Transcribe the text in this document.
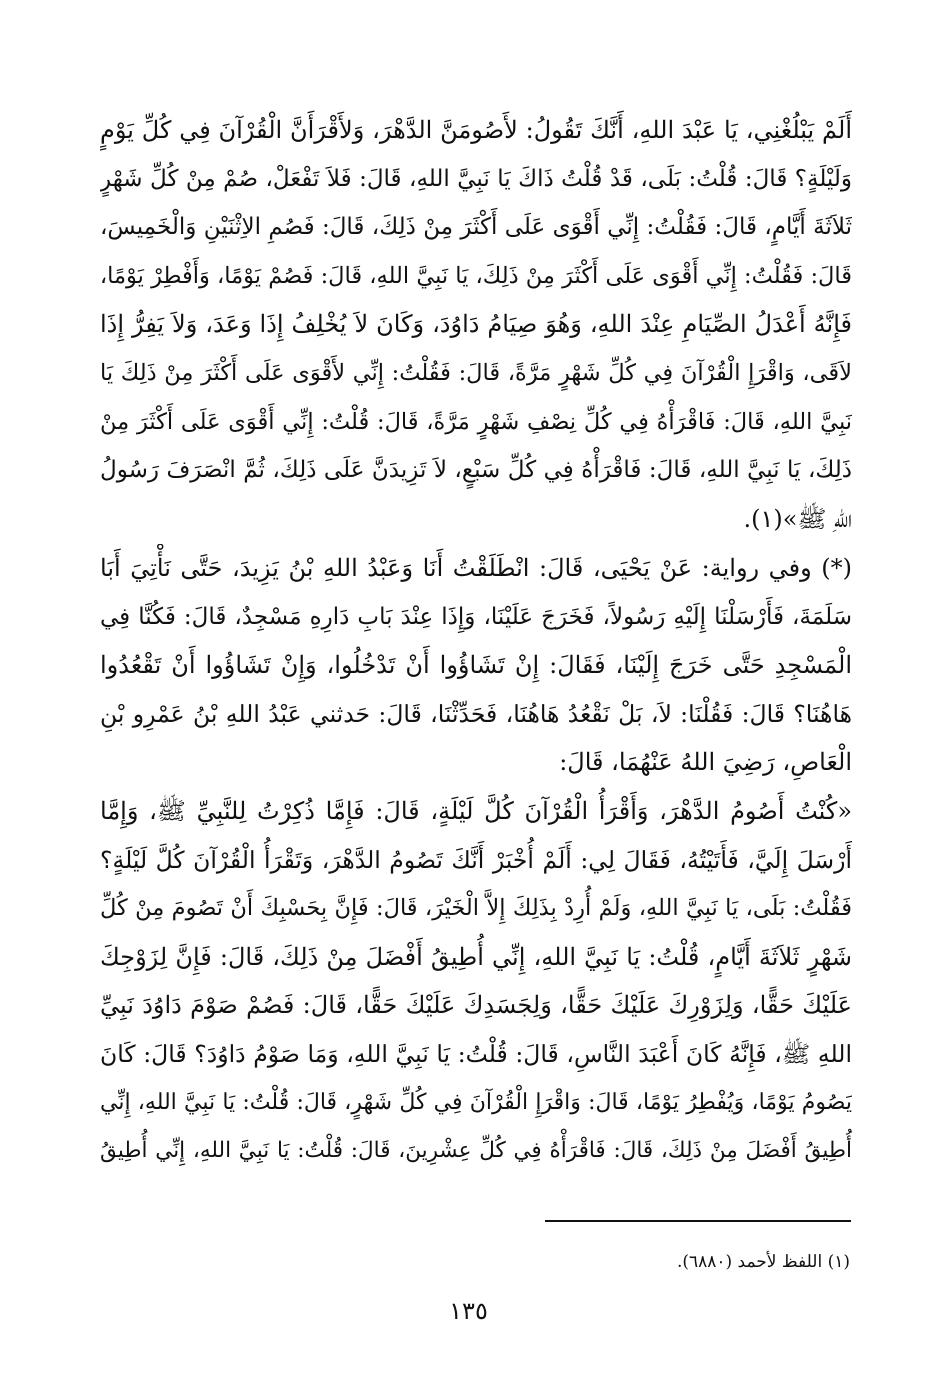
أَلَمْ يَبْلُغْنِي، يَا عَبْدَ اللهِ، أَنَّكَ تَقُولُ: لأَصُومَنَّ الدَّهْرَ، وَلأَقْرَأَنَّ الْقُرْآنَ فِي كُلِّ يَوْمٍ
وَلَيْلَةٍ؟ قَالَ: قُلْتُ: بَلَى، قَدْ قُلْتُ ذَاكَ يَا نَبِيَّ اللهِ، قَالَ: فَلاَ تَفْعَلْ، صُمْ مِنْ كُلِّ شَهْرٍ
ثَلاَثَةَ أَيَّامٍ، قَالَ: فَقُلْتُ: إِنِّي أَقْوَى عَلَى أَكْثَرَ مِنْ ذَلِكَ، قَالَ: فَصُمِ الاِثْنَيْنِ وَالْخَمِيسَ،
قَالَ: فَقُلْتُ: إِنِّي أَقْوَى عَلَى أَكْثَرَ مِنْ ذَلِكَ، يَا نَبِيَّ اللهِ، قَالَ: فَصُمْ يَوْمًا، وَأَفْطِرْ يَوْمًا،
فَإِنَّهُ أَعْدَلُ الصِّيَامِ عِنْدَ اللهِ، وَهُوَ صِيَامُ دَاوُدَ، وَكَانَ لاَ يُخْلِفُ إِذَا وَعَدَ، وَلاَ يَفِرُّ إِذَا
لاَقَى، وَاقْرَإِ الْقُرْآنَ فِي كُلِّ شَهْرٍ مَرَّةً، قَالَ: فَقُلْتُ: إِنِّي لأَقْوَى عَلَى أَكْثَرَ مِنْ ذَلِكَ يَا
نَبِيَّ اللهِ، قَالَ: فَاقْرَأْهُ فِي كُلِّ نِصْفِ شَهْرٍ مَرَّةً، قَالَ: قُلْتُ: إِنِّي أَقْوَى عَلَى أَكْثَرَ مِنْ
ذَلِكَ، يَا نَبِيَّ اللهِ، قَالَ: فَاقْرَأْهُ فِي كُلِّ سَبْعٍ، لاَ تَزِيدَنَّ عَلَى ذَلِكَ، ثُمَّ انْصَرَفَ رَسُولُ
اللهِ ﷺ»(١).
(*) وفي رواية: عَنْ يَحْيَى، قَالَ: انْطَلَقْتُ أَنَا وَعَبْدُ اللهِ بْنُ يَزِيدَ، حَتَّى نَأْتِيَ أَبَا
سَلَمَةَ، فَأَرْسَلْنَا إِلَيْهِ رَسُولاً، فَخَرَجَ عَلَيْنَا، وَإِذَا عِنْدَ بَابِ دَارِهِ مَسْجِدٌ، قَالَ: فَكُنَّا فِي
الْمَسْجِدِ حَتَّى خَرَجَ إِلَيْنَا، فَقَالَ: إِنْ تَشَاؤُوا أَنْ تَدْخُلُوا، وَإِنْ تَشَاؤُوا أَنْ تَقْعُدُوا
هَاهُنَا؟ قَالَ: فَقُلْنَا: لاَ، بَلْ نَقْعُدُ هَاهُنَا، فَحَدِّثْنَا، قَالَ: حَدثني عَبْدُ اللهِ بْنُ عَمْرِو بْنِ
الْعَاصِ، رَضِيَ اللهُ عَنْهُمَا، قَالَ:
«كُنْتُ أَصُومُ الدَّهْرَ، وَأَقْرَأُ الْقُرْآنَ كُلَّ لَيْلَةٍ، قَالَ: فَإِمَّا ذُكِرْتُ لِلنَّبِيِّ ﷺ، وَإِمَّا
أَرْسَلَ إِلَيَّ، فَأَتَيْتُهُ، فَقَالَ لِي: أَلَمْ أُخْبَرْ أَنَّكَ تَصُومُ الدَّهْرَ، وَتَقْرَأُ الْقُرْآنَ كُلَّ لَيْلَةٍ؟
فَقُلْتُ: بَلَى، يَا نَبِيَّ اللهِ، وَلَمْ أُرِدْ بِذَلِكَ إِلاَّ الْخَيْرَ، قَالَ: فَإِنَّ بِحَسْبِكَ أَنْ تَصُومَ مِنْ كُلِّ
شَهْرٍ ثَلاَثَةَ أَيَّامٍ، قُلْتُ: يَا نَبِيَّ اللهِ، إِنِّي أُطِيقُ أَفْضَلَ مِنْ ذَلِكَ، قَالَ: فَإِنَّ لِزَوْجِكَ
عَلَيْكَ حَقًّا، وَلِزَوْرِكَ عَلَيْكَ حَقًّا، وَلِجَسَدِكَ عَلَيْكَ حَقًّا، قَالَ: فَصُمْ صَوْمَ دَاوُدَ نَبِيِّ
اللهِ ﷺ، فَإِنَّهُ كَانَ أَعْبَدَ النَّاسِ، قَالَ: قُلْتُ: يَا نَبِيَّ اللهِ، وَمَا صَوْمُ دَاوُدَ؟ قَالَ: كَانَ
يَصُومُ يَوْمًا، وَيُفْطِرُ يَوْمًا، قَالَ: وَاقْرَإِ الْقُرْآنَ فِي كُلِّ شَهْرٍ، قَالَ: قُلْتُ: يَا نَبِيَّ اللهِ، إِنِّي
أُطِيقُ أَفْضَلَ مِنْ ذَلِكَ، قَالَ: فَاقْرَأْهُ فِي كُلِّ عِشْرِينَ، قَالَ: قُلْتُ: يَا نَبِيَّ اللهِ، إِنِّي أُطِيقُ
(١) اللفظ لأحمد (٦٨٨٠).
١٣٥
